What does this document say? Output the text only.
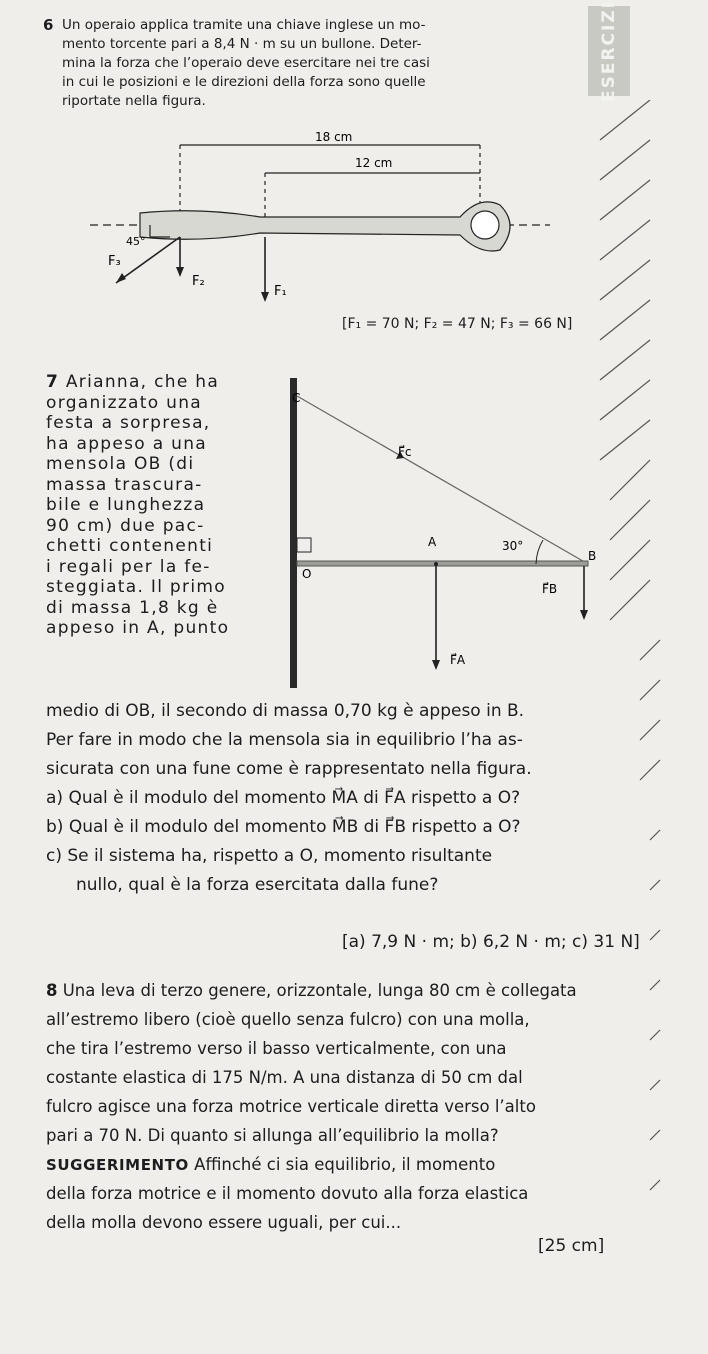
ESERCIZI
6 Un operaio applica tramite una chiave inglese un mo-
mento torcente pari a 8,4 N · m su un bullone. Deter-
mina la forza che l’operaio deve esercitare nei tre casi
in cui le posizioni e le direzioni della forza sono quelle
riportate nella figura.
18 cm
12 cm
45°
F₃
F₂
F₁
[F₁ = 70 N; F₂ = 47 N; F₃ = 66 N]
7 Arianna, che ha
organizzato una
festa a sorpresa,
ha appeso a una
mensola OB (di
massa trascura-
bile e lunghezza
90 cm) due pac-
chetti contenenti
i regali per la fe-
steggiata. Il primo
di massa 1,8 kg è
appeso in A, punto
C
F⃗c
A
O
B
30°
F⃗B
F⃗A
medio di OB, il secondo di massa 0,70 kg è appeso in B.
Per fare in modo che la mensola sia in equilibrio l’ha as-
sicurata con una fune come è rappresentato nella figura.
a) Qual è il modulo del momento M⃗A di F⃗A rispetto a O?
b) Qual è il modulo del momento M⃗B di F⃗B rispetto a O?
c) Se il sistema ha, rispetto a O, momento risultante
nullo, qual è la forza esercitata dalla fune?
[a) 7,9 N · m; b) 6,2 N · m; c) 31 N]
8 Una leva di terzo genere, orizzontale, lunga 80 cm è collegata
all’estremo libero (cioè quello senza fulcro) con una molla,
che tira l’estremo verso il basso verticalmente, con una
costante elastica di 175 N/m. A una distanza di 50 cm dal
fulcro agisce una forza motrice verticale diretta verso l’alto
pari a 70 N. Di quanto si allunga all’equilibrio la molla?
SUGGERIMENTO Affinché ci sia equilibrio, il momento
della forza motrice e il momento dovuto alla forza elastica
della molla devono essere uguali, per cui...
[25 cm]
